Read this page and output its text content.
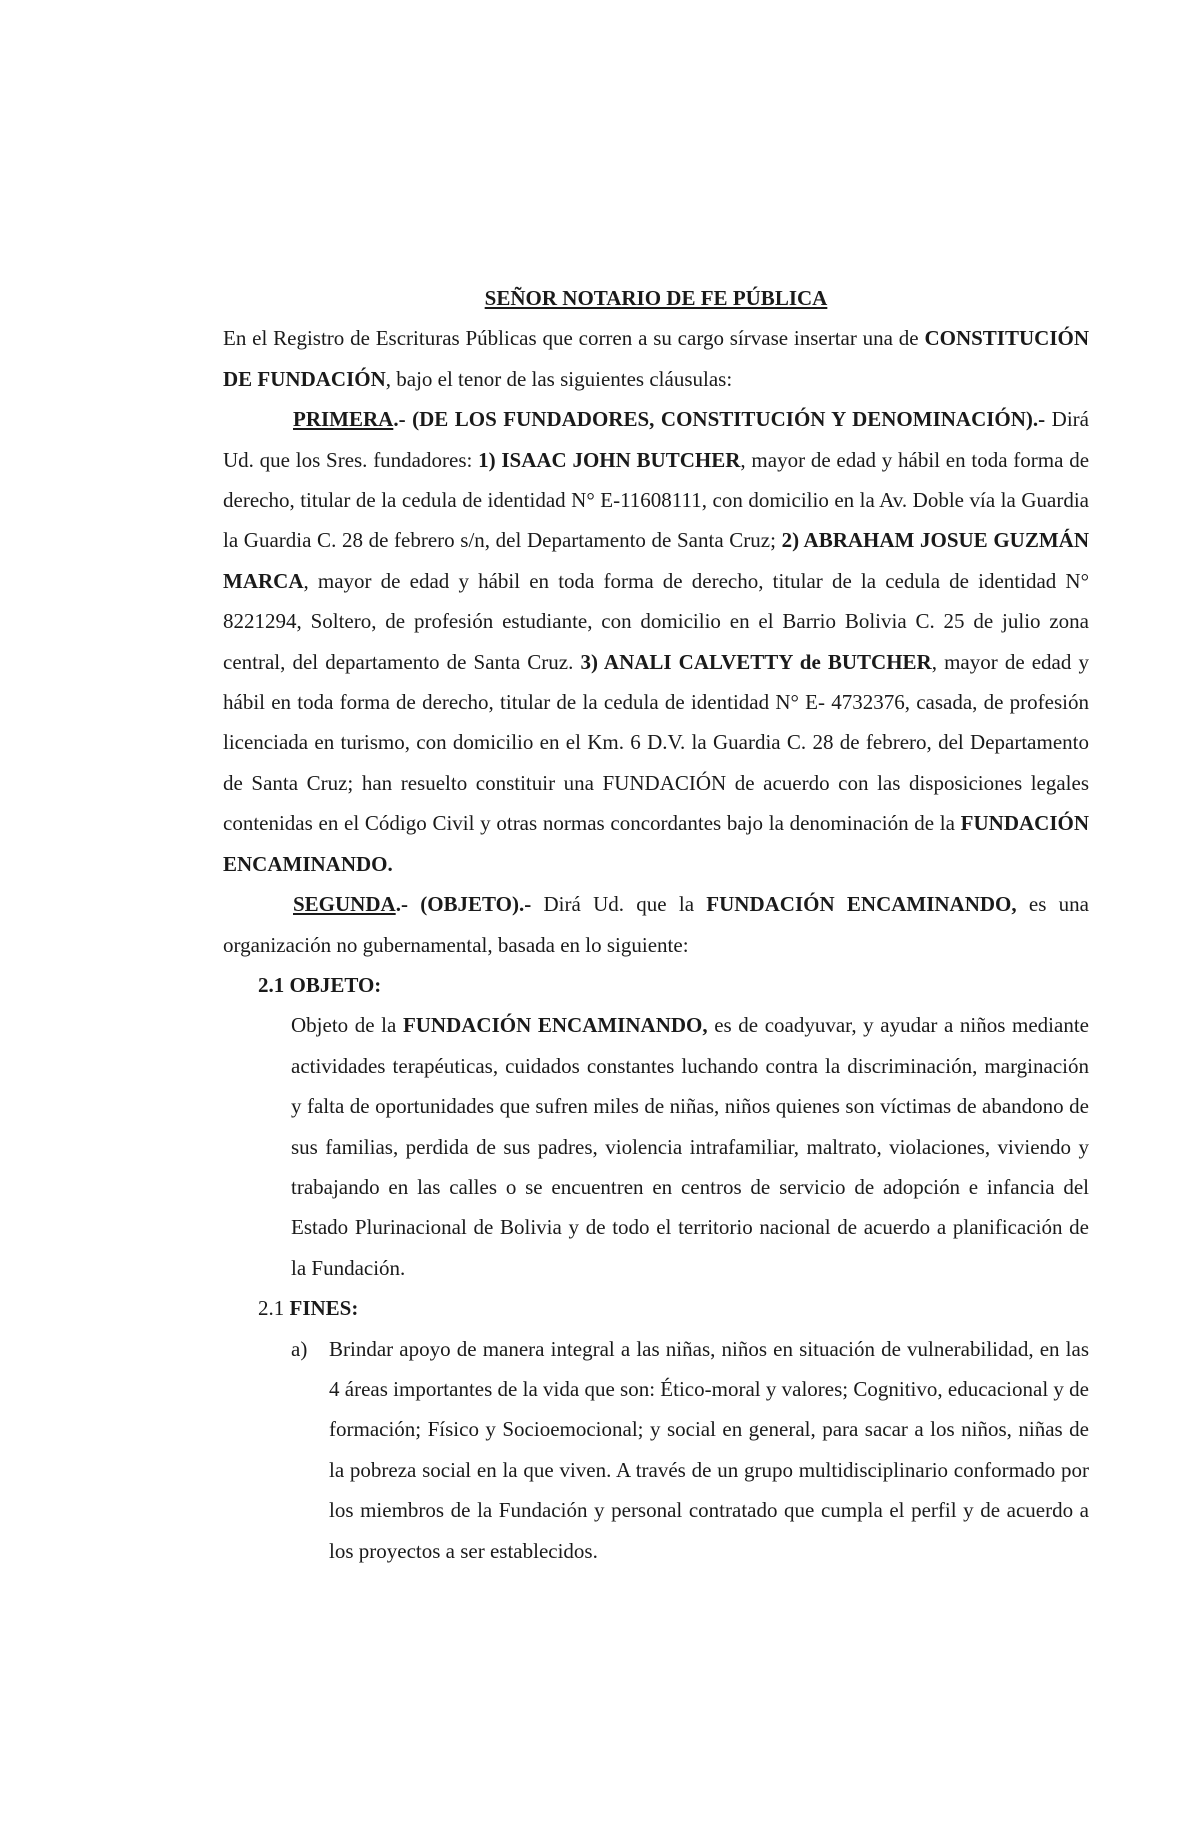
SEÑOR NOTARIO DE FE PÚBLICA

En el Registro de Escrituras Públicas que corren a su cargo sírvase insertar una de CONSTITUCIÓN DE FUNDACIÓN, bajo el tenor de las siguientes cláusulas:

PRIMERA.- (DE LOS FUNDADORES, CONSTITUCIÓN Y DENOMINACIÓN).- Dirá Ud. que los Sres. fundadores: 1) ISAAC JOHN BUTCHER, mayor de edad y hábil en toda forma de derecho, titular de la cedula de identidad N° E-11608111, con domicilio en la Av. Doble vía la Guardia la Guardia C. 28 de febrero s/n, del Departamento de Santa Cruz; 2) ABRAHAM JOSUE GUZMÁN MARCA, mayor de edad y hábil en toda forma de derecho, titular de la cedula de identidad N° 8221294, Soltero, de profesión estudiante, con domicilio en el Barrio Bolivia C. 25 de julio zona central, del departamento de Santa Cruz. 3) ANALI CALVETTY de BUTCHER, mayor de edad y hábil en toda forma de derecho, titular de la cedula de identidad N° E- 4732376, casada, de profesión licenciada en turismo, con domicilio en el Km. 6 D.V. la Guardia C. 28 de febrero, del Departamento de Santa Cruz; han resuelto constituir una FUNDACIÓN de acuerdo con las disposiciones legales contenidas en el Código Civil y otras normas concordantes bajo la denominación de la FUNDACIÓN ENCAMINANDO.

SEGUNDA.- (OBJETO).- Dirá Ud. que la FUNDACIÓN ENCAMINANDO, es una organización no gubernamental, basada en lo siguiente:

2.1 OBJETO:

Objeto de la FUNDACIÓN ENCAMINANDO, es de coadyuvar, y ayudar a niños mediante actividades terapéuticas, cuidados constantes luchando contra la discriminación, marginación y falta de oportunidades que sufren miles de niñas, niños quienes son víctimas de abandono de sus familias, perdida de sus padres, violencia intrafamiliar, maltrato, violaciones, viviendo y trabajando en las calles o se encuentren en centros de servicio de adopción e infancia del Estado Plurinacional de Bolivia y de todo el territorio nacional de acuerdo a planificación de la Fundación.

2.1 FINES:

a)	Brindar apoyo de manera integral a las niñas, niños en situación de vulnerabilidad, en las 4 áreas importantes de la vida que son: Ético-moral y valores; Cognitivo, educacional y de formación; Físico y Socioemocional; y social en general, para sacar a los niños, niñas de la pobreza social en la que viven. A través de un grupo multidisciplinario conformado por los miembros de la Fundación y personal contratado que cumpla el perfil y de acuerdo a los proyectos a ser establecidos.
